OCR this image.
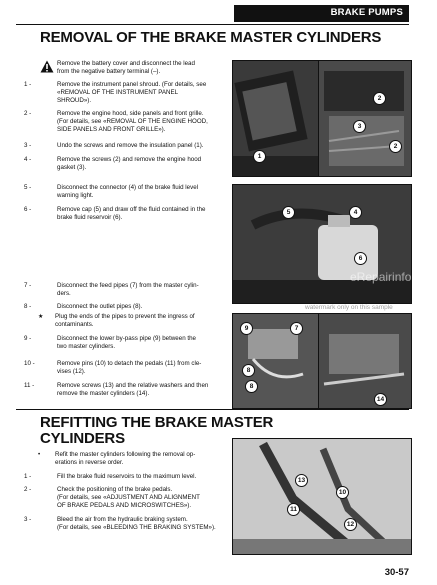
BRAKE PUMPS
REMOVAL OF THE BRAKE MASTER CYLINDERS
Remove the battery cover and disconnect the lead
from the negative battery terminal (–).
1 -	Remove the instrument panel shroud. (For details, see
«REMOVAL OF THE INSTRUMENT PANEL
SHROUD»).
2 -	Remove the engine hood, side panels and front grille.
(For details, see «REMOVAL OF THE ENGINE HOOD,
SIDE PANELS AND FRONT GRILLE»).
3 -	Undo the screws and remove the insulation panel (1).
4 -	Remove the screws (2) and remove the engine hood
gasket (3).
5 -	Disconnect the connector (4) of the brake fluid level
warning light.
6 -	Remove cap (5) and draw off the fluid contained in the
brake fluid reservoir (6).
7 -	Disconnect the feed pipes (7) from the master cylin-
ders.
8 -	Disconnect the outlet pipes (8).
★ Plug the ends of the pipes to prevent the ingress of
contaminants.
9 -	Disconnect the lower by-pass pipe (9) between the
two master cylinders.
10 -	Remove pins (10) to detach the pedals (11) from cle-
vises (12).
11 -	Remove screws (13) and the relative washers and then
remove the master cylinders (14).
REFITTING THE BRAKE MASTER
CYLINDERS
• Refit the master cylinders following the removal op-
erations in reverse order.
1 -	Fill the brake fluid reservoirs to the maximum level.
2 -	Check the positioning of the brake pedals.
(For details, see «ADJUSTMENT AND ALIGNMENT
OF BRAKE PEDALS AND MICROSWITCHES»).
3 -	Bleed the air from the hydraulic braking system.
(For details, see «BLEEDING THE BRAKING SYSTEM»).
1
2
3
2
5	4
6
eRepairinfo.com
watermark only on this sample
9	7
8
8
14
13
11
10
12
30-57
